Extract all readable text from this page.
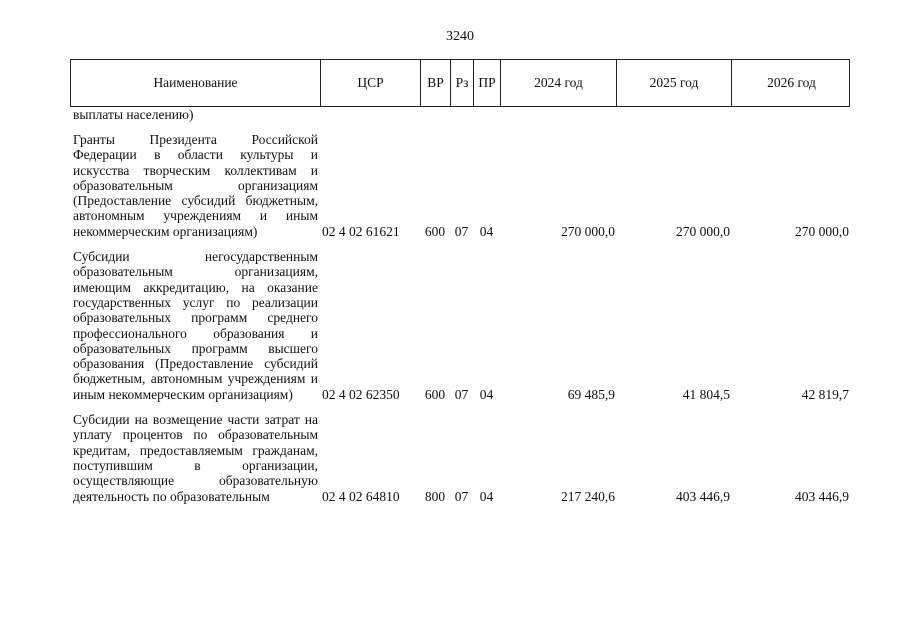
3240
Наименование	ЦСР	ВР Рз ПР	2024 год	2025 год	2026 год
выплаты населению)
Гранты Президента Российской Федерации в области культуры и искусства творческим коллективам и образовательным организациям (Предоставление субсидий бюджетным, автономным учреждениям и иным некоммерческим организациям)	02 4 02 61621	600 07 04	270 000,0	270 000,0	270 000,0
Субсидии негосударственным образовательным организациям, имеющим аккредитацию, на оказание государственных услуг по реализации образовательных программ среднего профессионального образования и образовательных программ высшего образования (Предоставление субсидий бюджетным, автономным учреждениям и иным некоммерческим организациям)	02 4 02 62350	600 07 04	69 485,9	41 804,5	42 819,7
Субсидии на возмещение части затрат на уплату процентов по образовательным кредитам, предоставляемым гражданам, поступившим в организации, осуществляющие образовательную деятельность по образовательным	02 4 02 64810	800 07 04	217 240,6	403 446,9	403 446,9
